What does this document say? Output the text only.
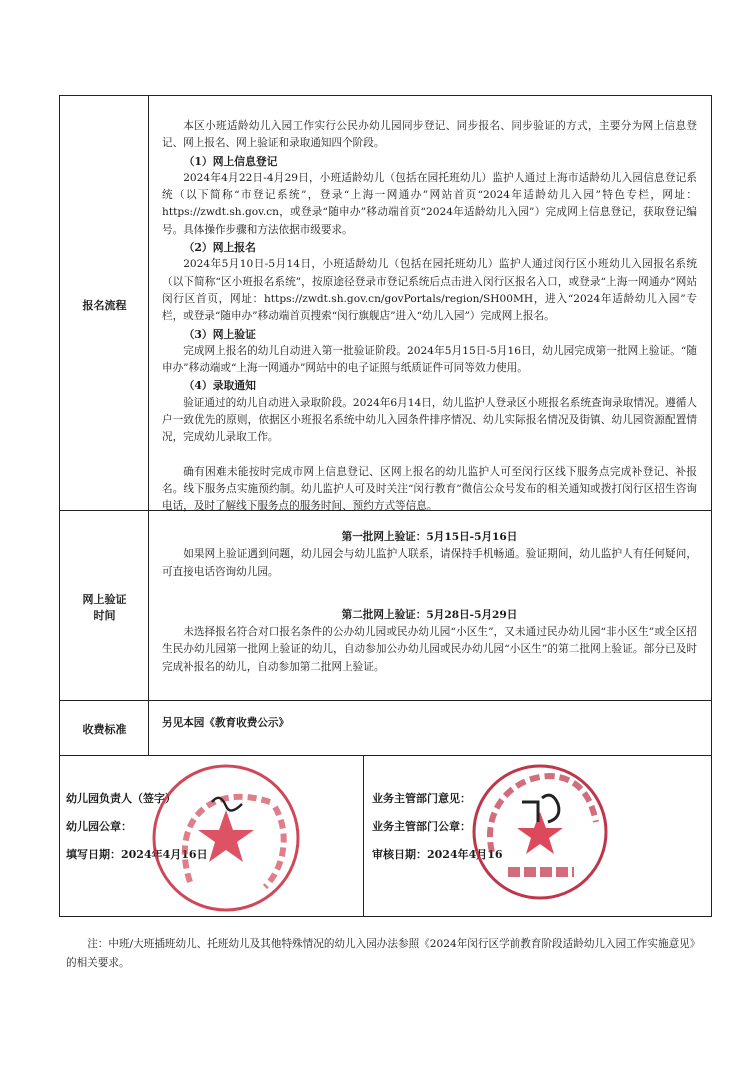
报名流程

本区小班适龄幼儿入园工作实行公民办幼儿园同步登记、同步报名、同步验证的方式，主要分为网上信息登记、网上报名、网上验证和录取通知四个阶段。

（1）网上信息登记

2024年4月22日-4月29日，小班适龄幼儿（包括在园托班幼儿）监护人通过上海市适龄幼儿入园信息登记系统（以下简称“市登记系统”，登录“上海一网通办”网站首页“2024年适龄幼儿入园”特色专栏，网址：https://zwdt.sh.gov.cn，或登录“随申办”移动端首页“2024年适龄幼儿入园”）完成网上信息登记，获取登记编号。具体操作步骤和方法依据市级要求。

（2）网上报名

2024年5月10日-5月14日，小班适龄幼儿（包括在园托班幼儿）监护人通过闵行区小班幼儿入园报名系统（以下简称“区小班报名系统”，按原途径登录市登记系统后点击进入闵行区报名入口，或登录“上海一网通办”网站闵行区首页，网址：https://zwdt.sh.gov.cn/govPortals/region/SH00MH，进入“2024年适龄幼儿入园”专栏，或登录“随申办”移动端首页搜索“闵行旗舰店”进入“幼儿入园”）完成网上报名。

（3）网上验证

完成网上报名的幼儿自动进入第一批验证阶段。2024年5月15日-5月16日，幼儿园完成第一批网上验证。“随申办”移动端或“上海一网通办”网站中的电子证照与纸质证件可同等效力使用。

（4）录取通知

验证通过的幼儿自动进入录取阶段。2024年6月14日，幼儿监护人登录区小班报名系统查询录取情况。遵循人户一致优先的原则，依据区小班报名系统中幼儿入园条件排序情况、幼儿实际报名情况及街镇、幼儿园资源配置情况，完成幼儿录取工作。

确有困难未能按时完成市网上信息登记、区网上报名的幼儿监护人可至闵行区线下服务点完成补登记、补报名。线下服务点实施预约制。幼儿监护人可及时关注“闵行教育”微信公众号发布的相关通知或拨打闵行区招生咨询电话，及时了解线下服务点的服务时间、预约方式等信息。

网上验证
时间

第一批网上验证：5月15日-5月16日

如果网上验证遇到问题，幼儿园会与幼儿监护人联系，请保持手机畅通。验证期间，幼儿监护人有任何疑问，可直接电话咨询幼儿园。

第二批网上验证：5月28日-5月29日

未选择报名符合对口报名条件的公办幼儿园或民办幼儿园“小区生”，又未通过民办幼儿园“非小区生”或全区招生民办幼儿园第一批网上验证的幼儿，自动参加公办幼儿园或民办幼儿园“小区生”的第二批网上验证。部分已及时完成补报名的幼儿，自动参加第二批网上验证。

收费标准	另见本园《教育收费公示》
幼儿园负责人（签字）
幼儿园公章：
填写日期：2024年4月16日
业务主管部门意见：
业务主管部门公章：
审核日期：2024年4月16

注：中班/大班插班幼儿、托班幼儿及其他特殊情况的幼儿入园办法参照《2024年闵行区学前教育阶段适龄幼儿入园工作实施意见》的相关要求。
